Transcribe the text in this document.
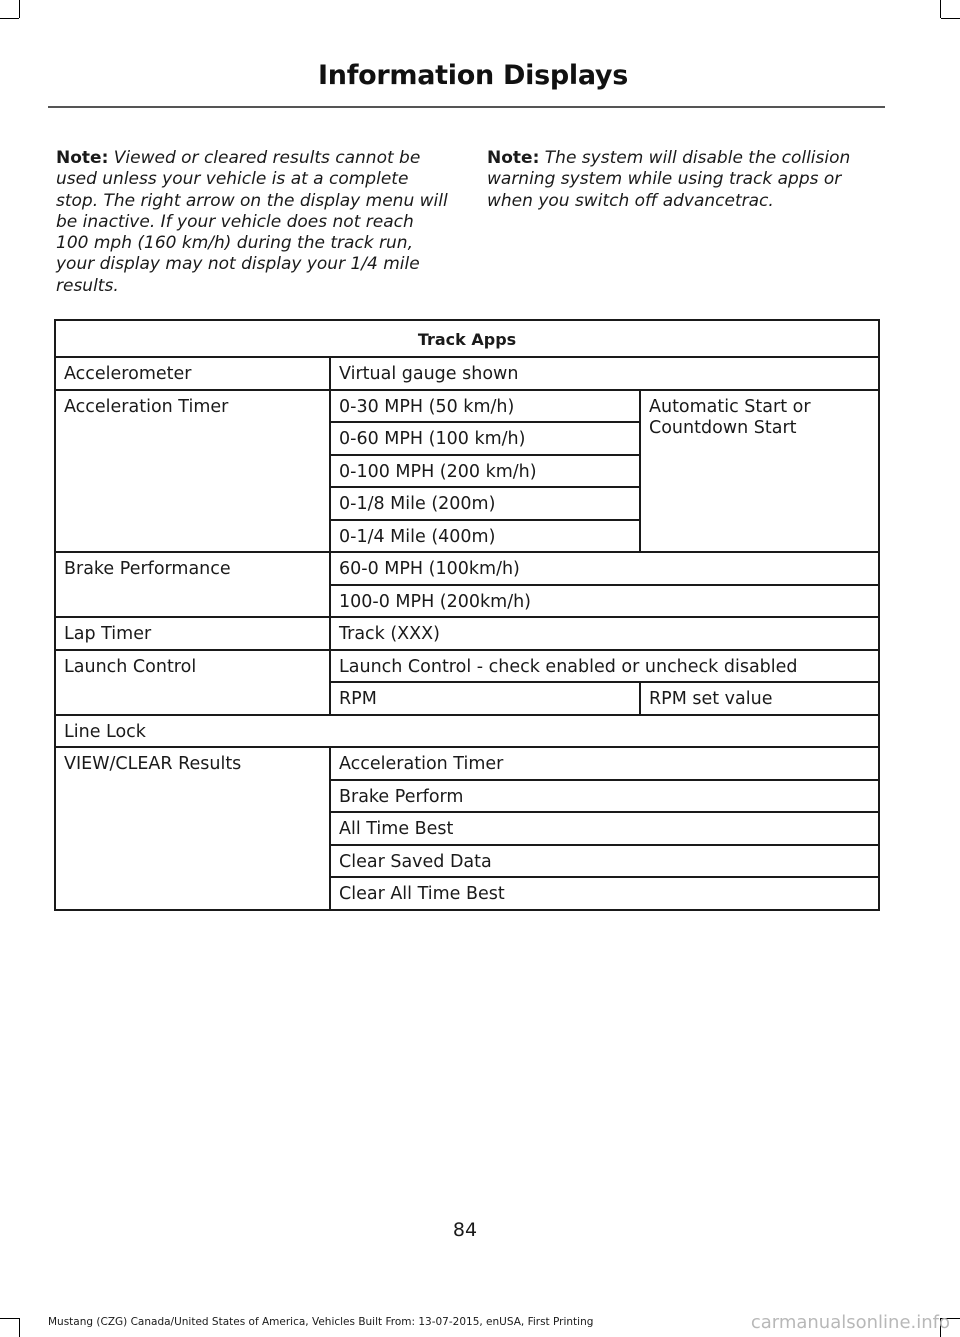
Information Displays
Note: Viewed or cleared results cannot be used unless your vehicle is at a complete stop. The right arrow on the display menu will be inactive. If your vehicle does not reach 100 mph (160 km/h) during the track run, your display may not display your 1/4 mile results.
Note: The system will disable the collision warning system while using track apps or when you switch off advancetrac.
Track Apps		
Accelerometer	Virtual gauge shown	
Acceleration Timer	0-30 MPH (50 km/h)	Automatic Start or Countdown Start
	0-60 MPH (100 km/h)	
	0-100 MPH (200 km/h)	
	0-1/8 Mile (200m)	
	0-1/4 Mile (400m)	
Brake Performance	60-0 MPH (100km/h)	
	100-0 MPH (200km/h)	
Lap Timer	Track (XXX)	
Launch Control	Launch Control - check enabled or uncheck disabled	
	RPM	RPM set value
Line Lock		
VIEW/CLEAR Results	Acceleration Timer	
	Brake Perform	
	All Time Best	
	Clear Saved Data	
	Clear All Time Best	
84
Mustang (CZG) Canada/United States of America, Vehicles Built From: 13-07-2015, enUSA, First Printing	carmanualsonline.info
